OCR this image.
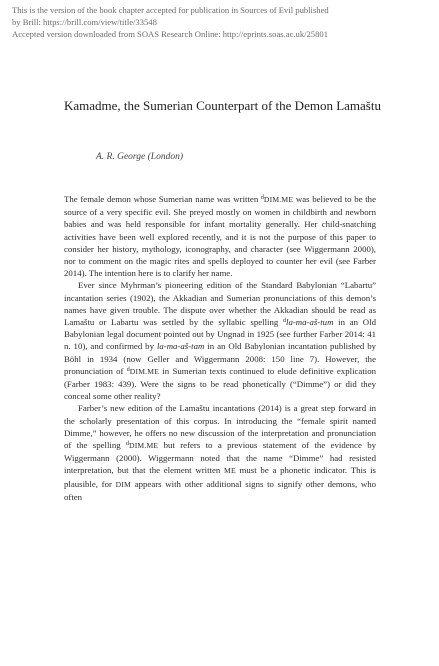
This is the version of the book chapter accepted for publication in Sources of Evil published
by Brill: https://brill.com/view/title/33548
Accepted version downloaded from SOAS Research Online: http://eprints.soas.ac.uk/25801
Kamadme, the Sumerian Counterpart of the Demon Lamaštu
A. R. George (London)

The female demon whose Sumerian name was written $^d$DIM.ME was believed to be the source of a very specific evil. She preyed mostly on women in childbirth and newborn babies and was held responsible for infant mortality generally. Her child-snatching activities have been well explored recently, and it is not the purpose of this paper to consider her history, mythology, iconography, and character (see Wiggermann 2000), nor to comment on the magic rites and spells deployed to counter her evil (see Farber 2014). The intention here is to clarify her name.

Ever since Myhrman’s pioneering edition of the Standard Babylonian “Labartu” incantation series (1902), the Akkadian and Sumerian pronunciations of this demon’s names have given trouble. The dispute over whether the Akkadian should be read as Lamaštu or Labartu was settled by the syllabic spelling $^d$la-ma-aš-tum in an Old Babylonian legal document pointed out by Ungnad in 1925 (see further Farber 2014: 41 n. 10), and confirmed by la-ma-aš-tam in an Old Babylonian incantation published by Böhl in 1934 (now Geller and Wiggermann 2008: 150 line 7). However, the pronunciation of $^d$DIM.ME in Sumerian texts continued to elude definitive explication (Farber 1983: 439). Were the signs to be read phonetically (“Dimme”) or did they conceal some other reality?

Farber’s new edition of the Lamaštu incantations (2014) is a great step forward in the scholarly presentation of this corpus. In introducing the “female spirit named Dimme,” however, he offers no new discussion of the interpretation and pronunciation of the spelling $^d$DIM.ME but refers to a previous statement of the evidence by Wiggermann (2000). Wiggermann noted that the name “Dimme” had resisted interpretation, but that the element written ME must be a phonetic indicator. This is plausible, for DIM appears with other additional signs to signify other demons, who often
